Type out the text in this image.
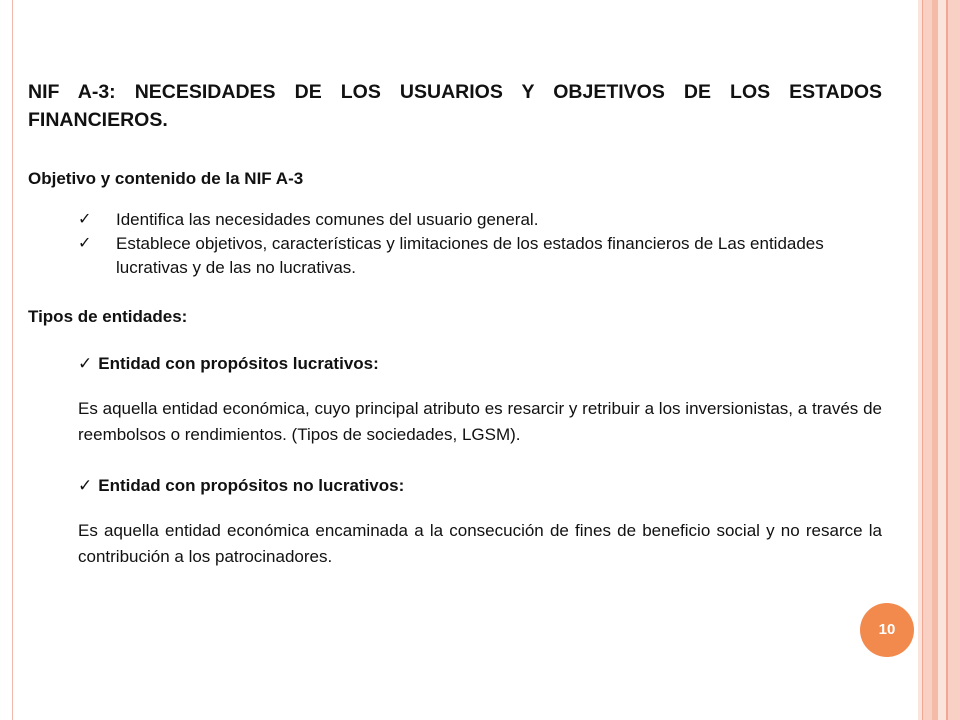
NIF A-3: NECESIDADES DE LOS USUARIOS Y OBJETIVOS DE LOS ESTADOS FINANCIEROS.

Objetivo y contenido de la NIF A-3

✓ Identifica las necesidades comunes del usuario general.
✓ Establece objetivos, características y limitaciones de los estados financieros de Las entidades lucrativas y de las no lucrativas.

Tipos de entidades:

✓ Entidad con propósitos lucrativos:

Es aquella entidad económica, cuyo principal atributo es resarcir y retribuir a los inversionistas, a través de reembolsos o rendimientos. (Tipos de sociedades, LGSM).

✓ Entidad con propósitos no lucrativos:

Es aquella entidad económica encaminada a la consecución de fines de beneficio social y no resarce la contribución a los patrocinadores.

10
